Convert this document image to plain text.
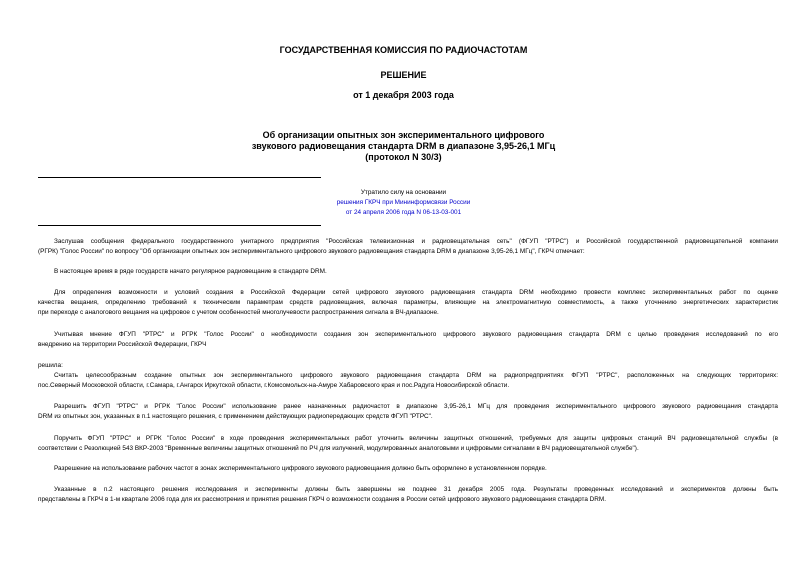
ГОСУДАРСТВЕННАЯ КОМИССИЯ ПО РАДИОЧАСТОТАМ
РЕШЕНИЕ
от 1 декабря 2003 года
Об организации опытных зон экспериментального цифрового
звукового радиовещания стандарта DRM в диапазоне 3,95-26,1 МГц
(протокол N 30/3)
Утратило силу на основании
решения ГКРЧ при Мининформсвязи России
от 24 апреля 2006 года N 06-13-03-001
Заслушав сообщения федерального государственного унитарного предприятия "Российская телевизионная и радиовещательная сеть" (ФГУП "РТРС") и Российской государственной радиовещательной компании
(РГРК) "Голос России" по вопросу "Об организации опытных зон экспериментального цифрового звукового радиовещания стандарта DRM в диапазоне 3,95-26,1 МГц", ГКРЧ отмечает:
В настоящее время в ряде государств начато регулярное радиовещание в стандарте DRM.
Для определения возможности и условий создания в Российской Федерации сетей цифрового звукового радиовещания стандарта DRM необходимо провести комплекс экспериментальных работ по оценке
качества вещания, определению требований к техническим параметрам средств радиовещания, включая параметры, влияющие на электромагнитную совместимость, а также уточнению энергетических характеристик
при переходе с аналогового вещания на цифровое с учетом особенностей многолучевости распространения сигнала в ВЧ-диапазоне.
Учитывая мнение ФГУП "РТРС" и РГРК "Голос России" о необходимости создания зон экспериментального цифрового звукового радиовещания стандарта DRM с целью проведения исследований по его
внедрению на территории Российской Федерации, ГКРЧ
решила:
Считать целесообразным создание опытных зон экспериментального цифрового звукового радиовещания стандарта DRM на радиопредприятиях ФГУП "РТРС", расположенных на следующих территориях:
пос.Северный Московской области, г.Самара, г.Ангарск Иркутской области, г.Комсомольск-на-Амуре Хабаровского края и пос.Радуга Новосибирской области.
Разрешить ФГУП "РТРС" и РГРК "Голос России" использование ранее назначенных радиочастот в диапазоне 3,95-26,1 МГц для проведения экспериментального цифрового звукового радиовещания стандарта
DRM из опытных зон, указанных в п.1 настоящего решения, с применением действующих радиопередающих средств ФГУП "РТРС".
Поручить ФГУП "РТРС" и РГРК "Голос России" в ходе проведения экспериментальных работ уточнить величины защитных отношений, требуемых для защиты цифровых станций ВЧ радиовещательной службы (в
соответствии с Резолюцией 543 ВКР-2003 "Временные величины защитных отношений по РЧ для излучений, модулированных аналоговыми и цифровыми сигналами в ВЧ радиовещательной службе").
Разрешение на использование рабочих частот в зонах экспериментального цифрового звукового радиовещания должно быть оформлено в установленном порядке.
Указанные в п.2 настоящего решения исследования и эксперименты должны быть завершены не позднее 31 декабря 2005 года. Результаты проведенных исследований и экспериментов должны быть
представлены в ГКРЧ в 1-м квартале 2006 года для их рассмотрения и принятия решения ГКРЧ о возможности создания в России сетей цифрового звукового радиовещания стандарта DRM.
